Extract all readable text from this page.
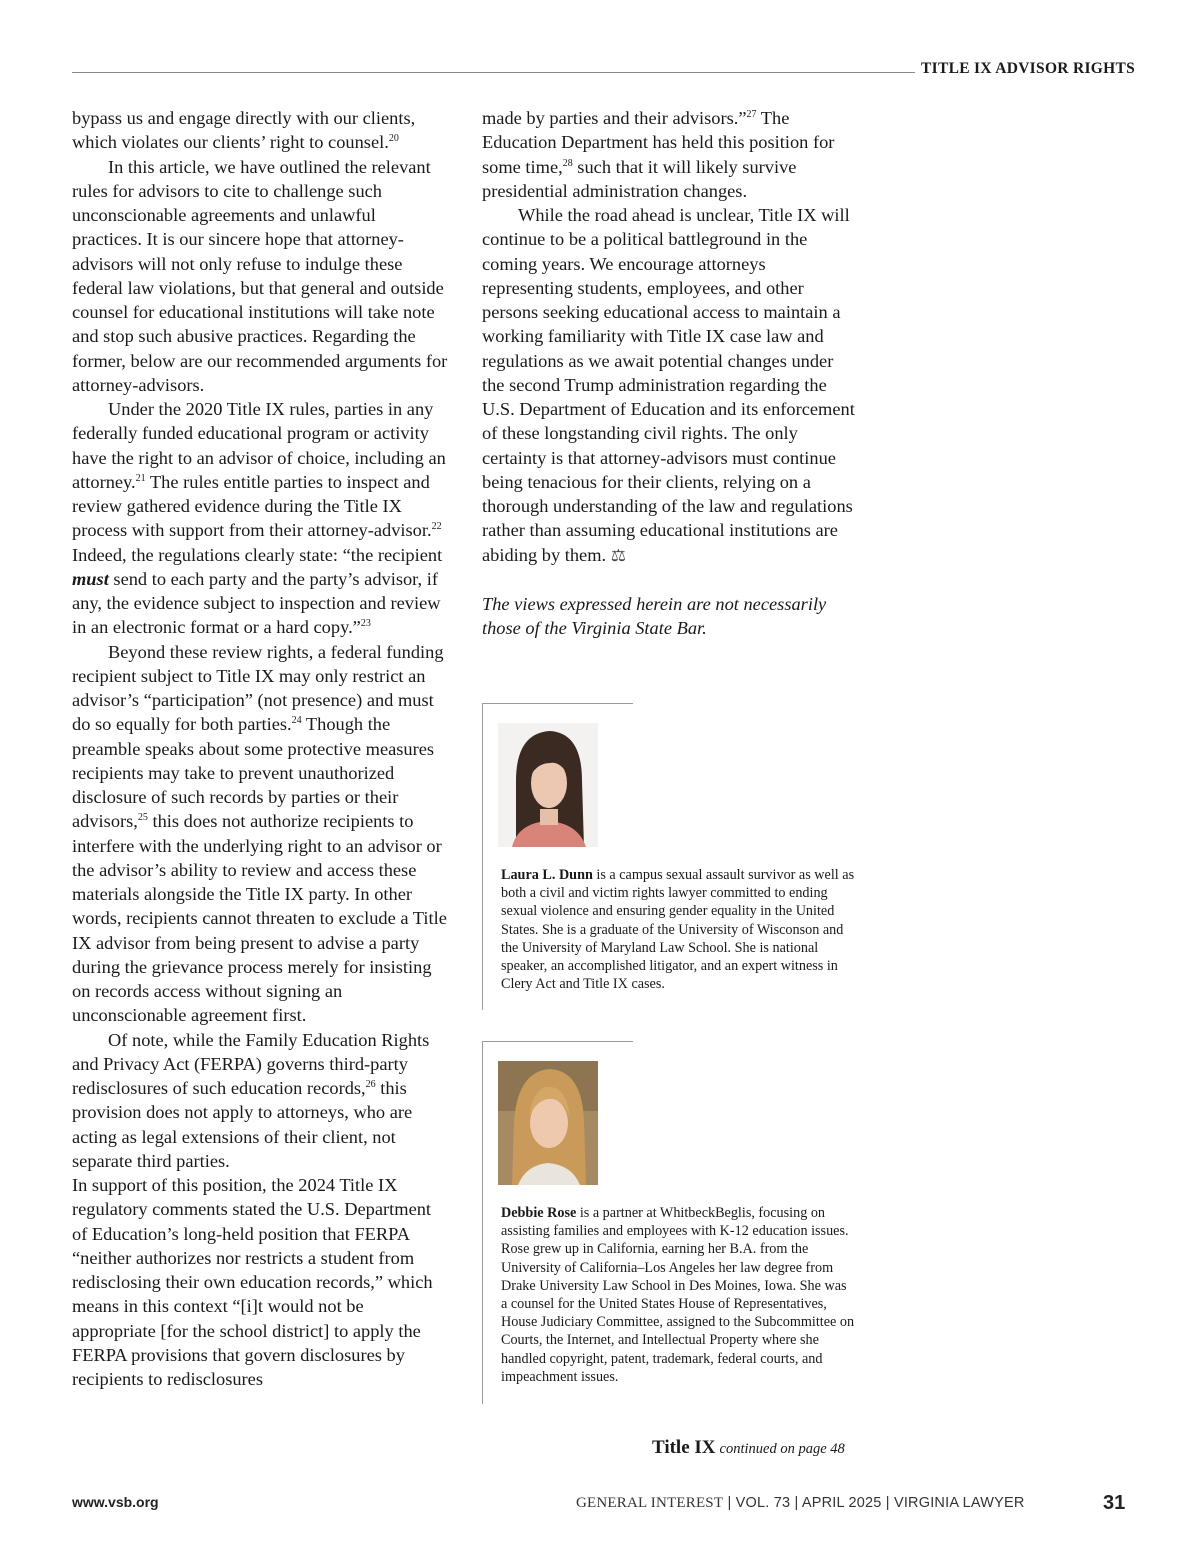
TITLE IX ADVISOR RIGHTS

bypass us and engage directly with our clients, which violates our clients’ right to counsel.$^{20}$

In this article, we have outlined the relevant rules for advisors to cite to challenge such unconscionable agreements and unlawful practices. It is our sincere hope that attorney-advisors will not only refuse to indulge these federal law violations, but that general and outside counsel for educational institutions will take note and stop such abusive practices. Regarding the former, below are our recommended arguments for attorney-advisors.

Under the 2020 Title IX rules, parties in any federally funded educational program or activity have the right to an advisor of choice, including an attorney.$^{21}$ The rules entitle parties to inspect and review gathered evidence during the Title IX process with support from their attorney-advisor.$^{22}$ Indeed, the regulations clearly state: “the recipient must send to each party and the party’s advisor, if any, the evidence subject to inspection and review in an electronic format or a hard copy.”$^{23}$

Beyond these review rights, a federal funding recipient subject to Title IX may only restrict an advisor’s “participation” (not presence) and must do so equally for both parties.$^{24}$ Though the preamble speaks about some protective measures recipients may take to prevent unauthorized disclosure of such records by parties or their advisors,$^{25}$ this does not authorize recipients to interfere with the underlying right to an advisor or the advisor’s ability to review and access these materials alongside the Title IX party. In other words, recipients cannot threaten to exclude a Title IX advisor from being present to advise a party during the grievance process merely for insisting on records access without signing an unconscionable agreement first.

Of note, while the Family Education Rights and Privacy Act (FERPA) governs third-party redisclosures of such education records,$^{26}$ this provision does not apply to attorneys, who are acting as legal extensions of their client, not separate third parties.

In support of this position, the 2024 Title IX regulatory comments stated the U.S. Department of Education’s long-held position that FERPA “neither authorizes nor restricts a student from redisclosing their own education records,” which means in this context “[i]t would not be appropriate [for the school district] to apply the FERPA provisions that govern disclosures by recipients to redisclosures

made by parties and their advisors.”$^{27}$ The Education Department has held this position for some time,$^{28}$ such that it will likely survive presidential administration changes.

While the road ahead is unclear, Title IX will continue to be a political battleground in the coming years. We encourage attorneys representing students, employees, and other persons seeking educational access to maintain a working familiarity with Title IX case law and regulations as we await potential changes under the second Trump administration regarding the U.S. Department of Education and its enforcement of these longstanding civil rights. The only certainty is that attorney-advisors must continue being tenacious for their clients, relying on a thorough understanding of the law and regulations rather than assuming educational institutions are abiding by them. ⚖

The views expressed herein are not necessarily those of the Virginia State Bar.

Laura L. Dunn is a campus sexual assault survivor as well as both a civil and victim rights lawyer committed to ending sexual violence and ensuring gender equality in the United States. She is a graduate of the University of Wisconson and the University of Maryland Law School. She is national speaker, an accomplished litigator, and an expert witness in Clery Act and Title IX cases.
Debbie Rose is a partner at WhitbeckBeglis, focusing on assisting families and employees with K-12 education issues. Rose grew up in California, earning her B.A. from the University of California–Los Angeles her law degree from Drake University Law School in Des Moines, Iowa. She was a counsel for the United States House of Representatives, House Judiciary Committee, assigned to the Subcommittee on Courts, the Internet, and Intellectual Property where she handled copyright, patent, trademark, federal courts, and impeachment issues.
Title IX continued on page 48
www.vsb.org	GENERAL INTEREST | VOL. 73 | APRIL 2025 | VIRGINIA LAWYER	31
